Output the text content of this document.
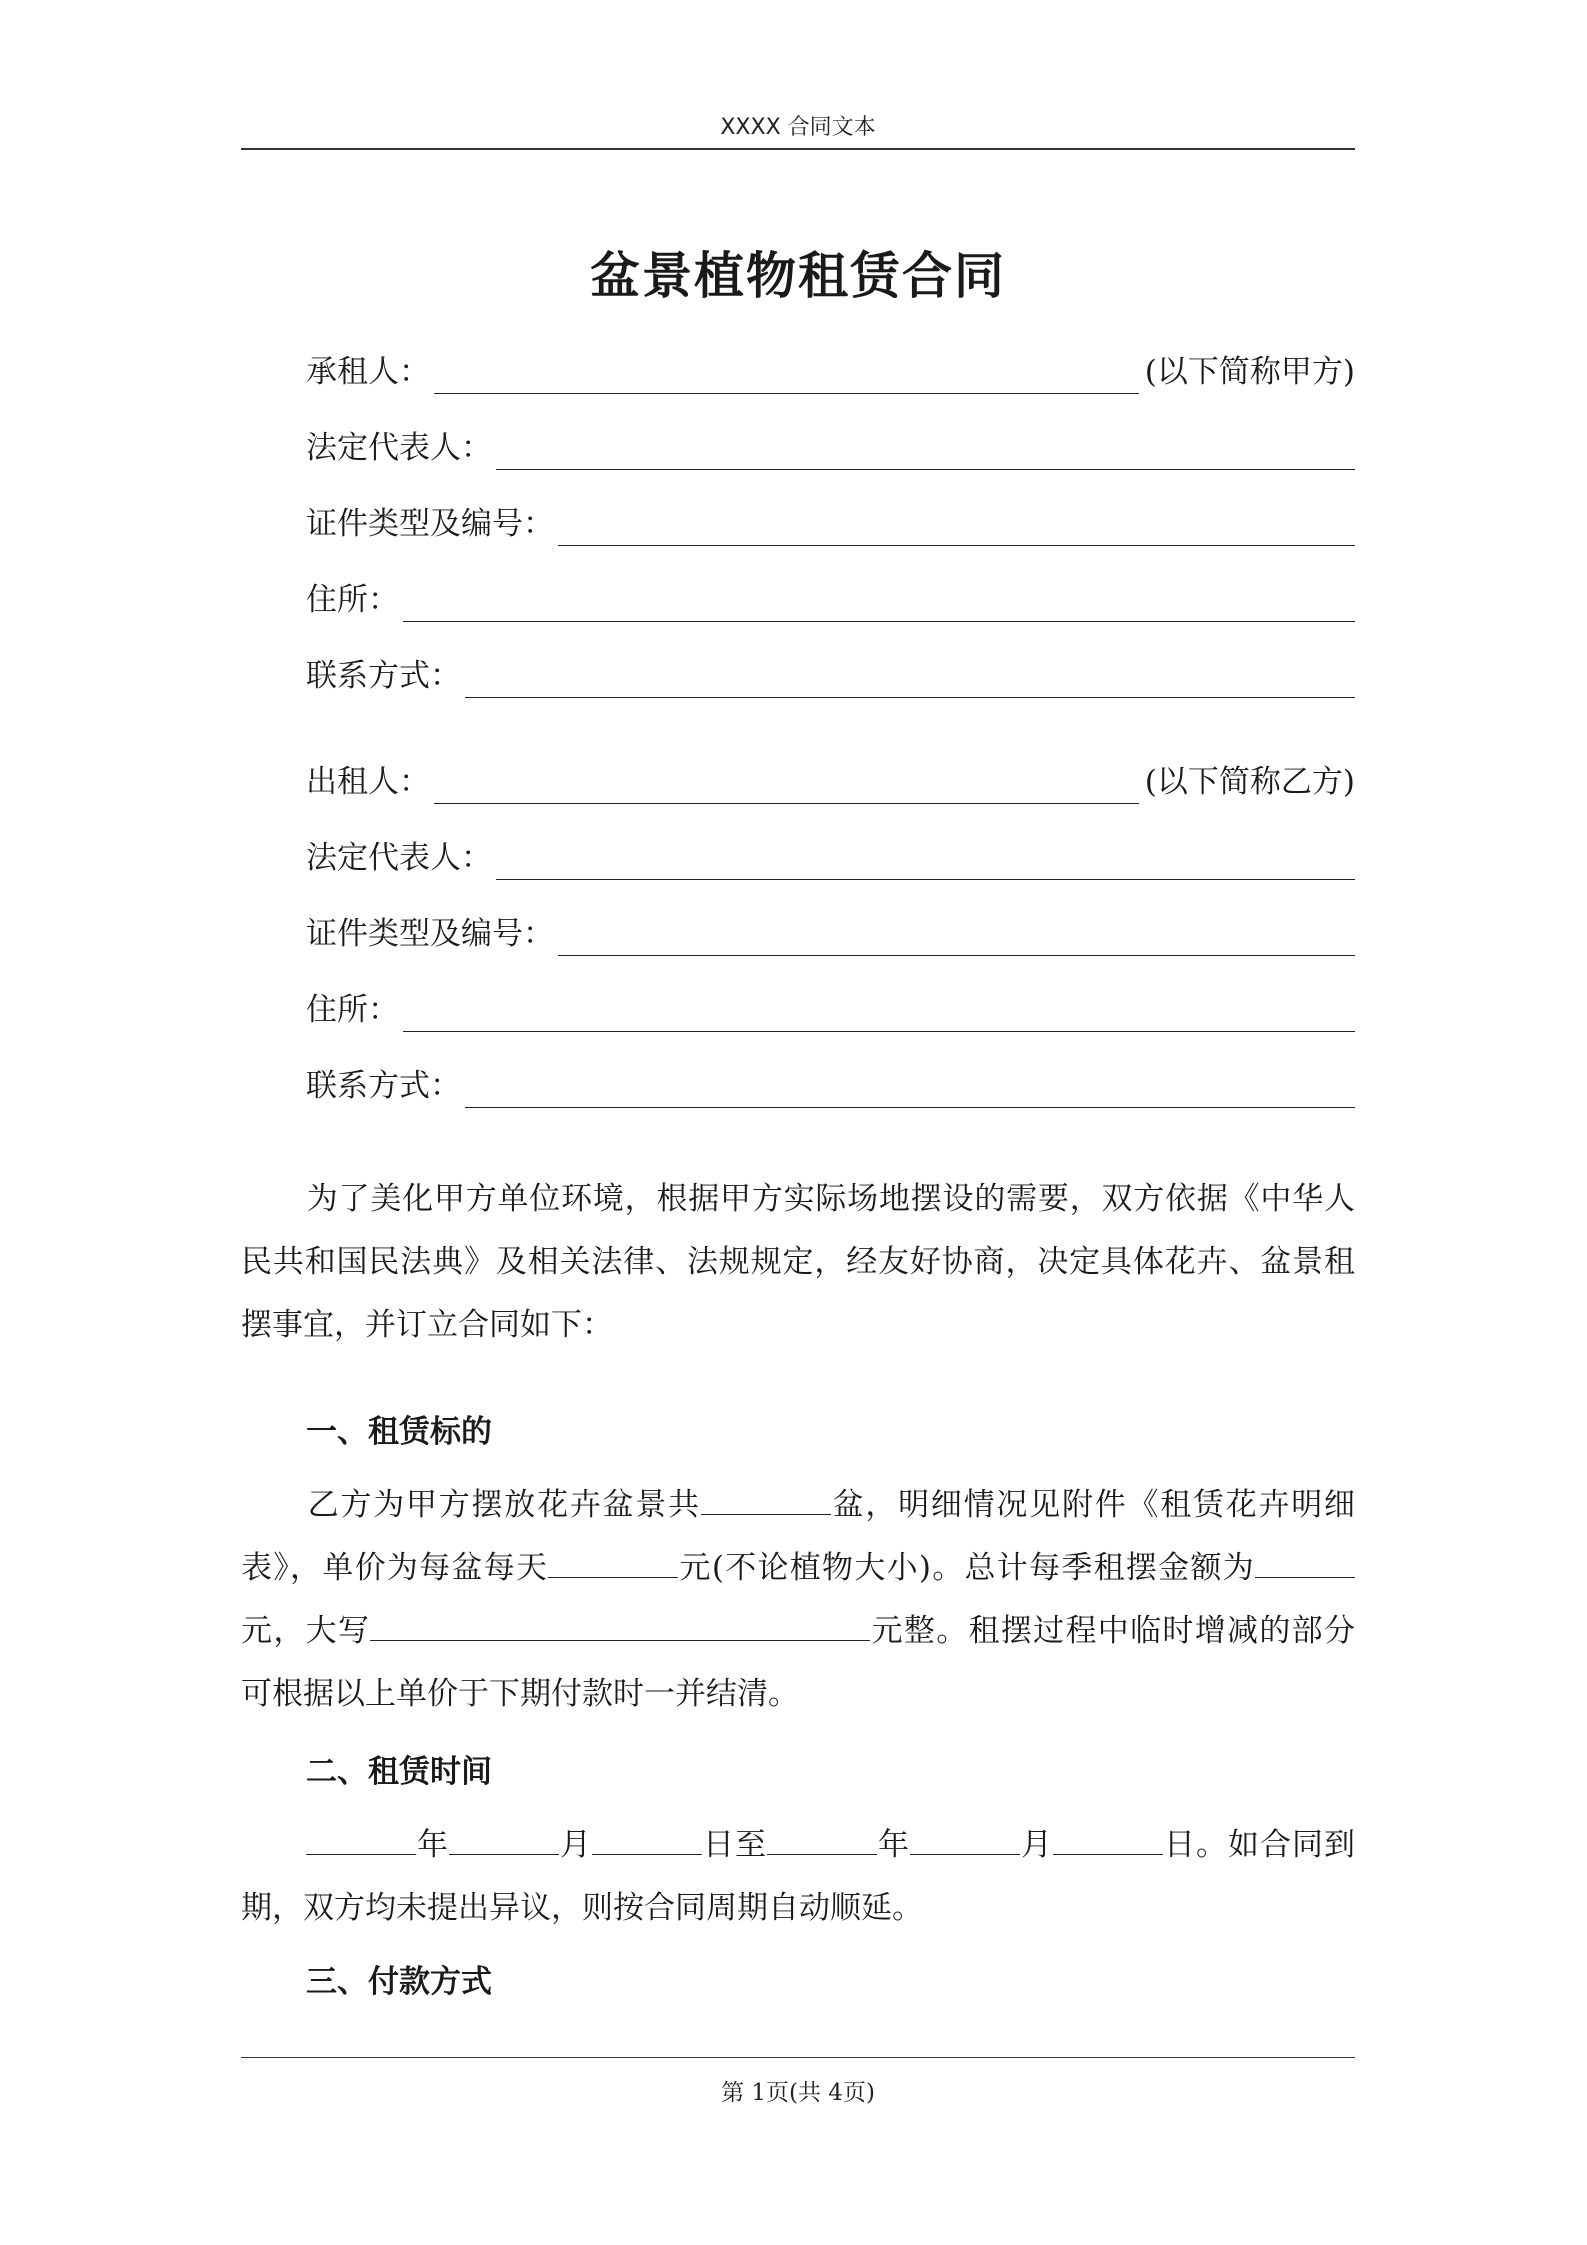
XXXX 合同文本
盆景植物租赁合同
承租人：	(以下简称甲方)
法定代表人：
证件类型及编号：
住所：
联系方式：
出租人：	(以下简称乙方)
法定代表人：
证件类型及编号：
住所：
联系方式：

为了美化甲方单位环境，根据甲方实际场地摆设的需要，双方依据《中华人民共和国民法典》及相关法律、法规规定，经友好协商，决定具体花卉、盆景租摆事宜，并订立合同如下：

一、租赁标的

乙方为甲方摆放花卉盆景共	盆，明细情况见附件《租赁花卉明细表》，单价为每盆每天	元(不论植物大小)。总计每季租摆金额为元，大写	元整。租摆过程中临时增减的部分可根据以上单价于下期付款时一并结清。

二、租赁时间

年	月	日至	年	月	日。如合同到期，双方均未提出异议，则按合同周期自动顺延。

三、付款方式
第 1页(共 4页)
